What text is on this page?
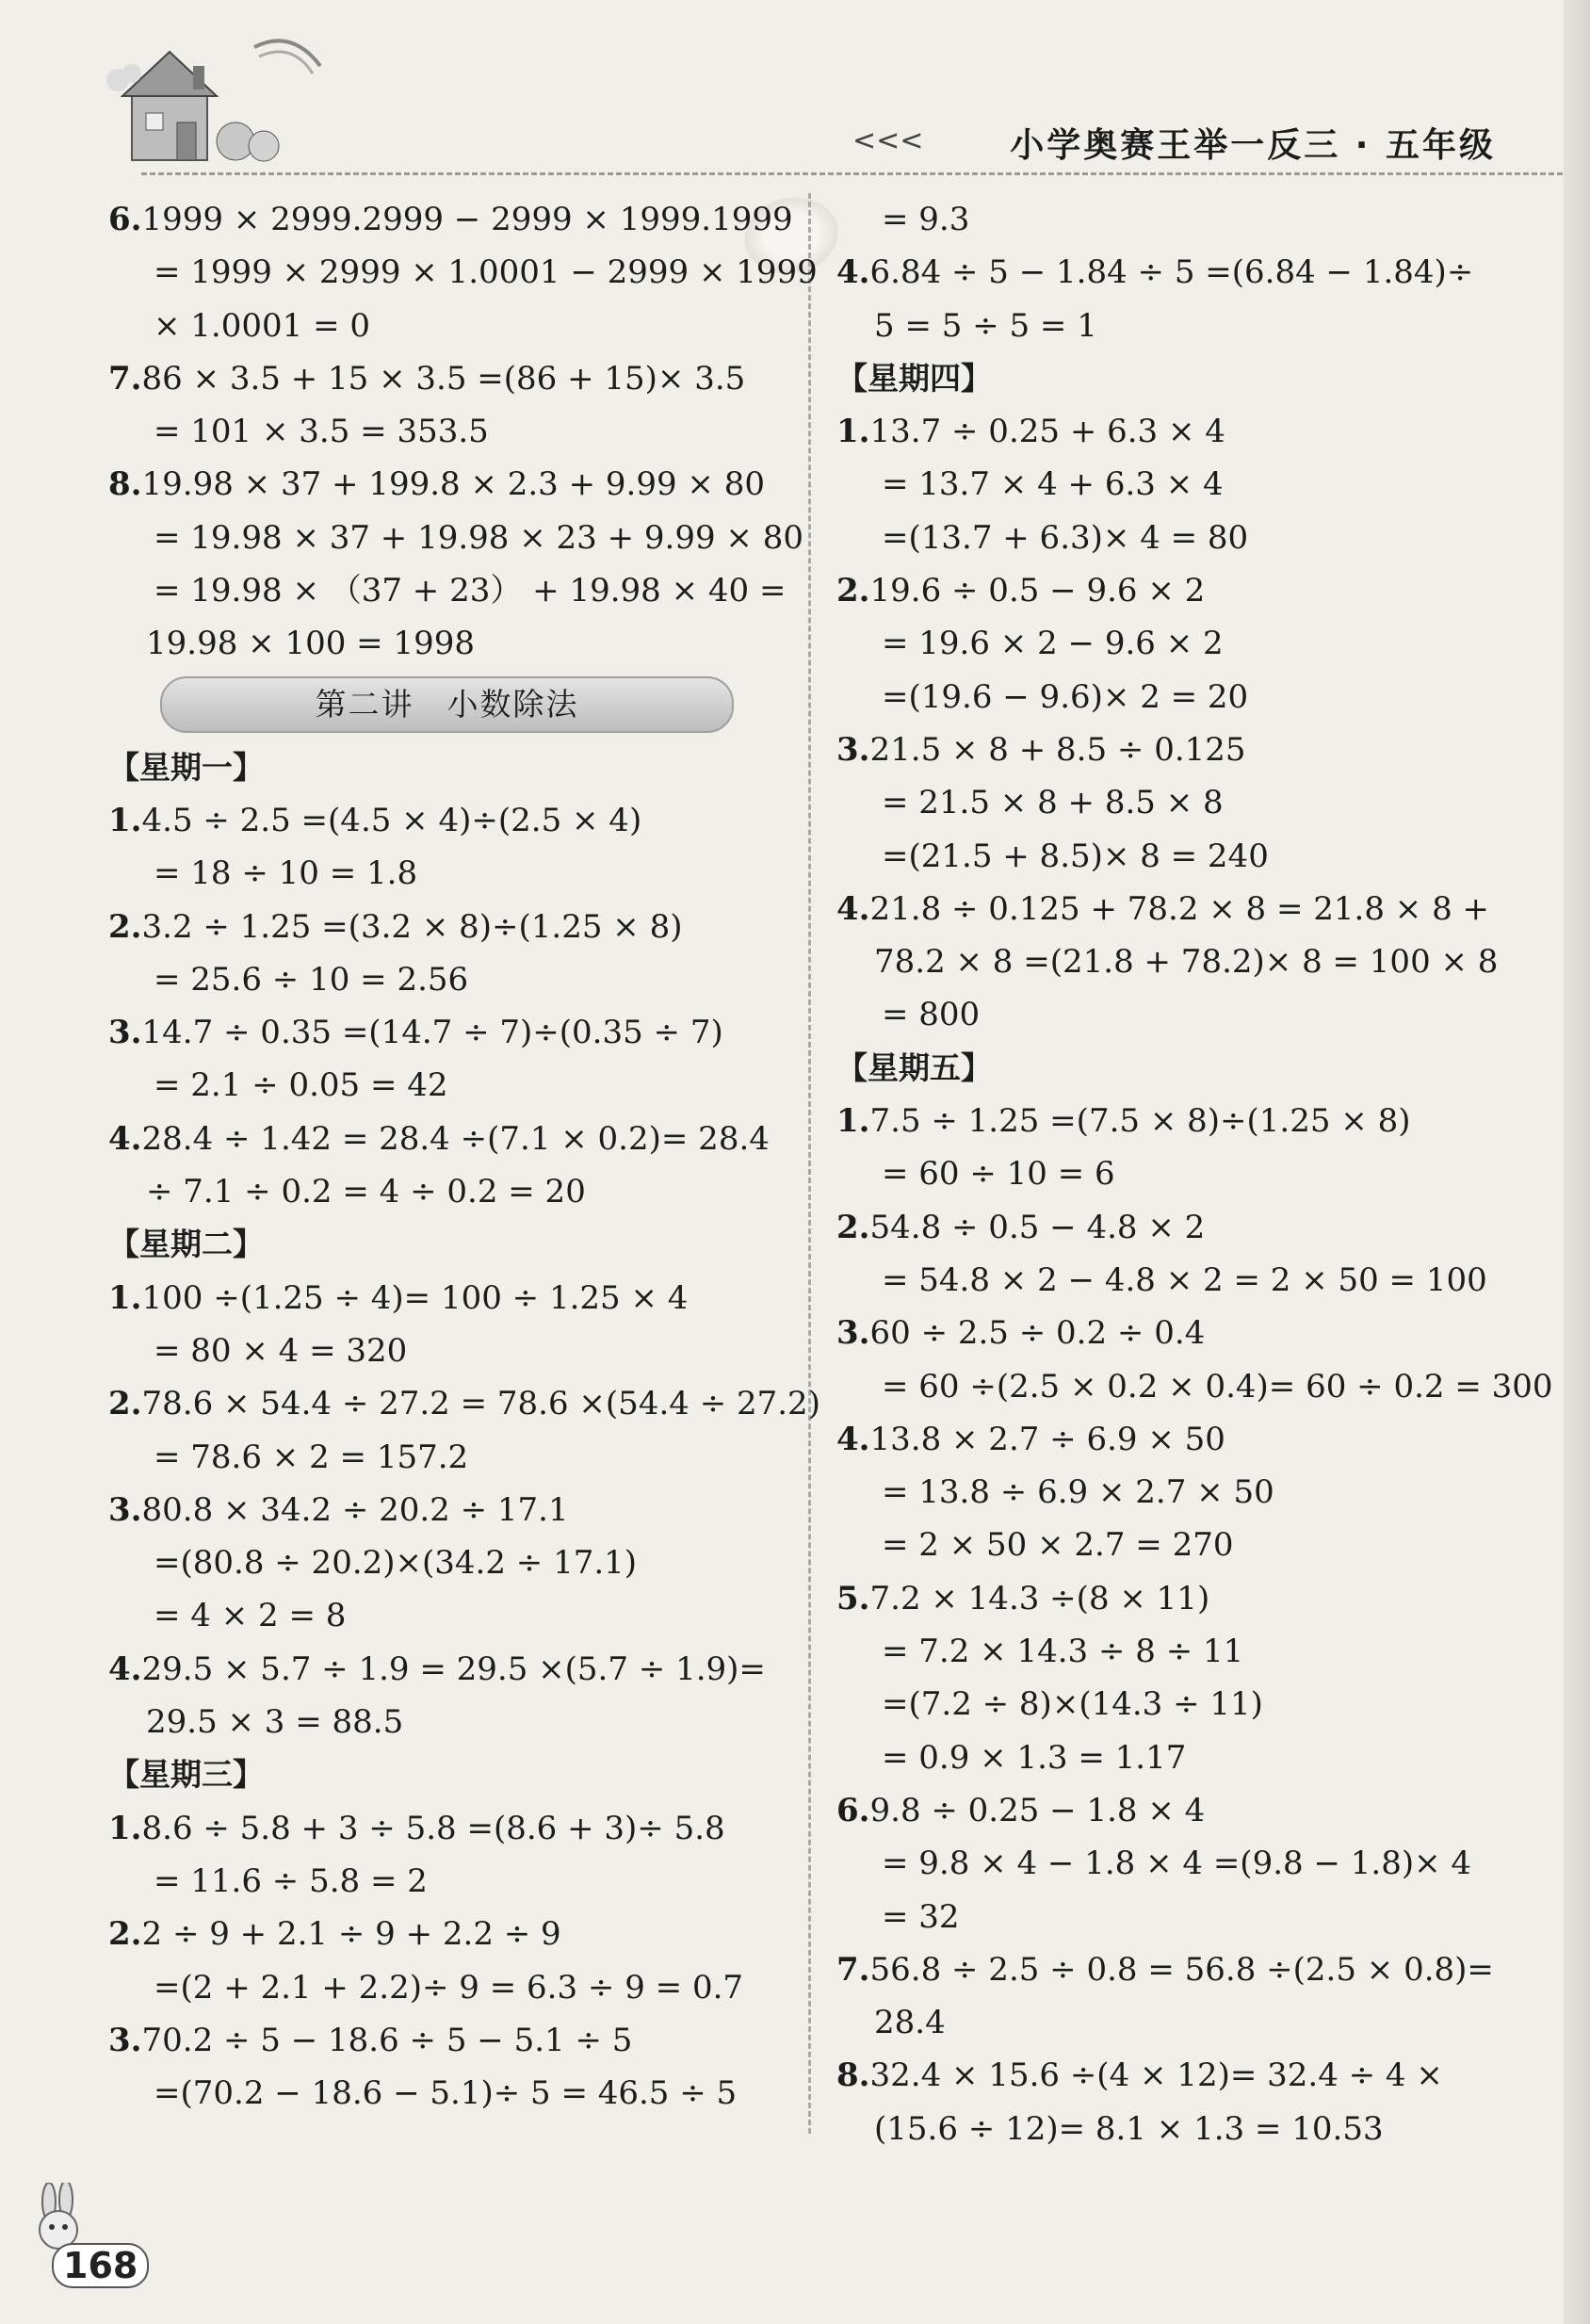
<<<	小学奥赛王举一反三 · 五年级

6.1999 × 2999.2999 − 2999 × 1999.1999
= 1999 × 2999 × 1.0001 − 2999 × 1999
× 1.0001 = 0
7.86 × 3.5 + 15 × 3.5 =(86 + 15)× 3.5
= 101 × 3.5 = 353.5
8.19.98 × 37 + 199.8 × 2.3 + 9.99 × 80
= 19.98 × 37 + 19.98 × 23 + 9.99 × 80
= 19.98 × （37 + 23） + 19.98 × 40 =
19.98 × 100 = 1998
第二讲　小数除法
【星期一】
1.4.5 ÷ 2.5 =(4.5 × 4)÷(2.5 × 4)
= 18 ÷ 10 = 1.8
2.3.2 ÷ 1.25 =(3.2 × 8)÷(1.25 × 8)
= 25.6 ÷ 10 = 2.56
3.14.7 ÷ 0.35 =(14.7 ÷ 7)÷(0.35 ÷ 7)
= 2.1 ÷ 0.05 = 42
4.28.4 ÷ 1.42 = 28.4 ÷(7.1 × 0.2)= 28.4
÷ 7.1 ÷ 0.2 = 4 ÷ 0.2 = 20
【星期二】
1.100 ÷(1.25 ÷ 4)= 100 ÷ 1.25 × 4
= 80 × 4 = 320
2.78.6 × 54.4 ÷ 27.2 = 78.6 ×(54.4 ÷ 27.2)
= 78.6 × 2 = 157.2
3.80.8 × 34.2 ÷ 20.2 ÷ 17.1
=(80.8 ÷ 20.2)×(34.2 ÷ 17.1)
= 4 × 2 = 8
4.29.5 × 5.7 ÷ 1.9 = 29.5 ×(5.7 ÷ 1.9)=
29.5 × 3 = 88.5
【星期三】
1.8.6 ÷ 5.8 + 3 ÷ 5.8 =(8.6 + 3)÷ 5.8
= 11.6 ÷ 5.8 = 2
2.2 ÷ 9 + 2.1 ÷ 9 + 2.2 ÷ 9
=(2 + 2.1 + 2.2)÷ 9 = 6.3 ÷ 9 = 0.7
3.70.2 ÷ 5 − 18.6 ÷ 5 − 5.1 ÷ 5
=(70.2 − 18.6 − 5.1)÷ 5 = 46.5 ÷ 5
= 9.3
4.6.84 ÷ 5 − 1.84 ÷ 5 =(6.84 − 1.84)÷
5 = 5 ÷ 5 = 1
【星期四】
1.13.7 ÷ 0.25 + 6.3 × 4
= 13.7 × 4 + 6.3 × 4
=(13.7 + 6.3)× 4 = 80
2.19.6 ÷ 0.5 − 9.6 × 2
= 19.6 × 2 − 9.6 × 2
=(19.6 − 9.6)× 2 = 20
3.21.5 × 8 + 8.5 ÷ 0.125
= 21.5 × 8 + 8.5 × 8
=(21.5 + 8.5)× 8 = 240
4.21.8 ÷ 0.125 + 78.2 × 8 = 21.8 × 8 +
78.2 × 8 =(21.8 + 78.2)× 8 = 100 × 8
= 800
【星期五】
1.7.5 ÷ 1.25 =(7.5 × 8)÷(1.25 × 8)
= 60 ÷ 10 = 6
2.54.8 ÷ 0.5 − 4.8 × 2
= 54.8 × 2 − 4.8 × 2 = 2 × 50 = 100
3.60 ÷ 2.5 ÷ 0.2 ÷ 0.4
= 60 ÷(2.5 × 0.2 × 0.4)= 60 ÷ 0.2 = 300
4.13.8 × 2.7 ÷ 6.9 × 50
= 13.8 ÷ 6.9 × 2.7 × 50
= 2 × 50 × 2.7 = 270
5.7.2 × 14.3 ÷(8 × 11)
= 7.2 × 14.3 ÷ 8 ÷ 11
=(7.2 ÷ 8)×(14.3 ÷ 11)
= 0.9 × 1.3 = 1.17
6.9.8 ÷ 0.25 − 1.8 × 4
= 9.8 × 4 − 1.8 × 4 =(9.8 − 1.8)× 4
= 32
7.56.8 ÷ 2.5 ÷ 0.8 = 56.8 ÷(2.5 × 0.8)=
28.4
8.32.4 × 15.6 ÷(4 × 12)= 32.4 ÷ 4 ×
(15.6 ÷ 12)= 8.1 × 1.3 = 10.53
168
